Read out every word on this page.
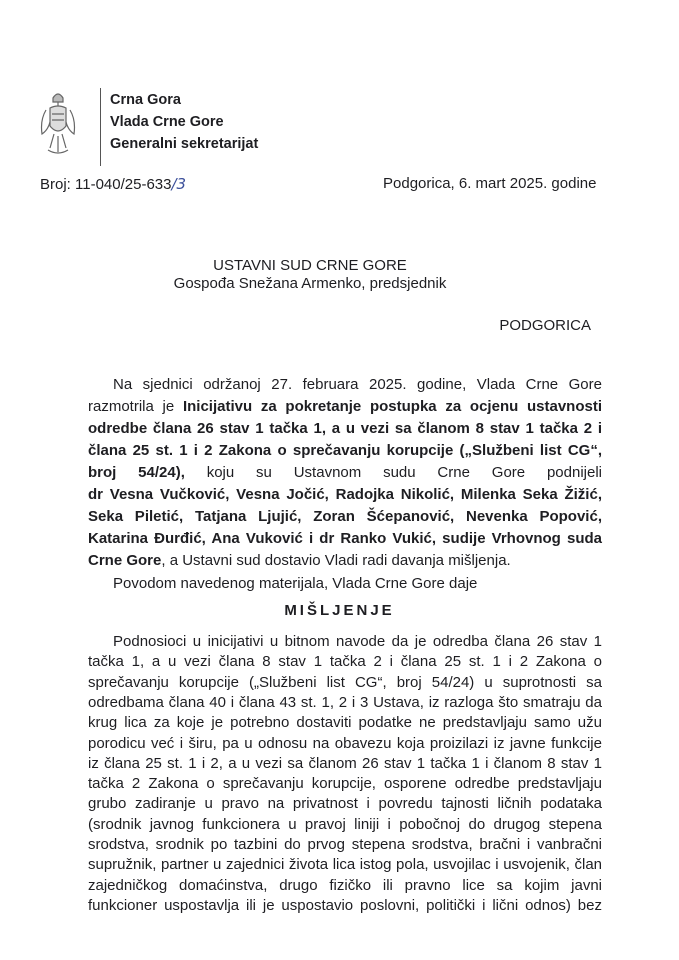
Crna Gora
Vlada Crne Gore
Generalni sekretarijat
Broj: 11-040/25-633/3	Podgorica, 6. mart 2025. godine
USTAVNI SUD CRNE GORE
Gospođa Snežana Armenko, predsjednik
PODGORICA
Na sjednici održanoj 27. februara 2025. godine, Vlada Crne Gore
razmotrila je Inicijativu za pokretanje postupka za ocjenu ustavnosti
odredbe člana 26 stav 1 tačka 1, a u vezi sa članom 8 stav 1 tačka 2 i
člana 25 st. 1 i 2 Zakona o sprečavanju korupcije („Službeni list CG“,
broj 54/24), koju su Ustavnom sudu Crne Gore podnijeli
dr Vesna Vučković, Vesna Jočić, Radojka Nikolić, Milenka Seka Žižić,
Seka Piletić, Tatjana Ljujić, Zoran Šćepanović, Nevenka Popović,
Katarina Đurđić, Ana Vuković i dr Ranko Vukić, sudije Vrhovnog suda
Crne Gore, a Ustavni sud dostavio Vladi radi davanja mišljenja.
Povodom navedenog materijala, Vlada Crne Gore daje
MIŠLJENJE
Podnosioci u inicijativi u bitnom navode da je odredba člana 26 stav 1
tačka 1, a u vezi člana 8 stav 1 tačka 2 i člana 25 st. 1 i 2 Zakona o
sprečavanju korupcije („Službeni list CG“, broj 54/24) u suprotnosti sa
odredbama člana 40 i člana 43 st. 1, 2 i 3 Ustava, iz razloga što smatraju da
krug lica za koje je potrebno dostaviti podatke ne predstavljaju samo užu
porodicu već i širu, pa u odnosu na obavezu koja proizilazi iz javne funkcije
iz člana 25 st. 1 i 2, a u vezi sa članom 26 stav 1 tačka 1 i članom 8 stav 1
tačka 2 Zakona o sprečavanju korupcije, osporene odredbe predstavljaju
grubo zadiranje u pravo na privatnost i povredu tajnosti ličnih podataka
(srodnik javnog funkcionera u pravoj liniji i pobočnoj do drugog stepena
srodstva, srodnik po tazbini do prvog stepena srodstva, bračni i vanbračni
supružnik, partner u zajednici života lica istog pola, usvojilac i usvojenik, član
zajedničkog domaćinstva, drugo fizičko ili pravno lice sa kojim javni
funkcioner uspostavlja ili je uspostavio poslovni, politički i lični odnos) bez
